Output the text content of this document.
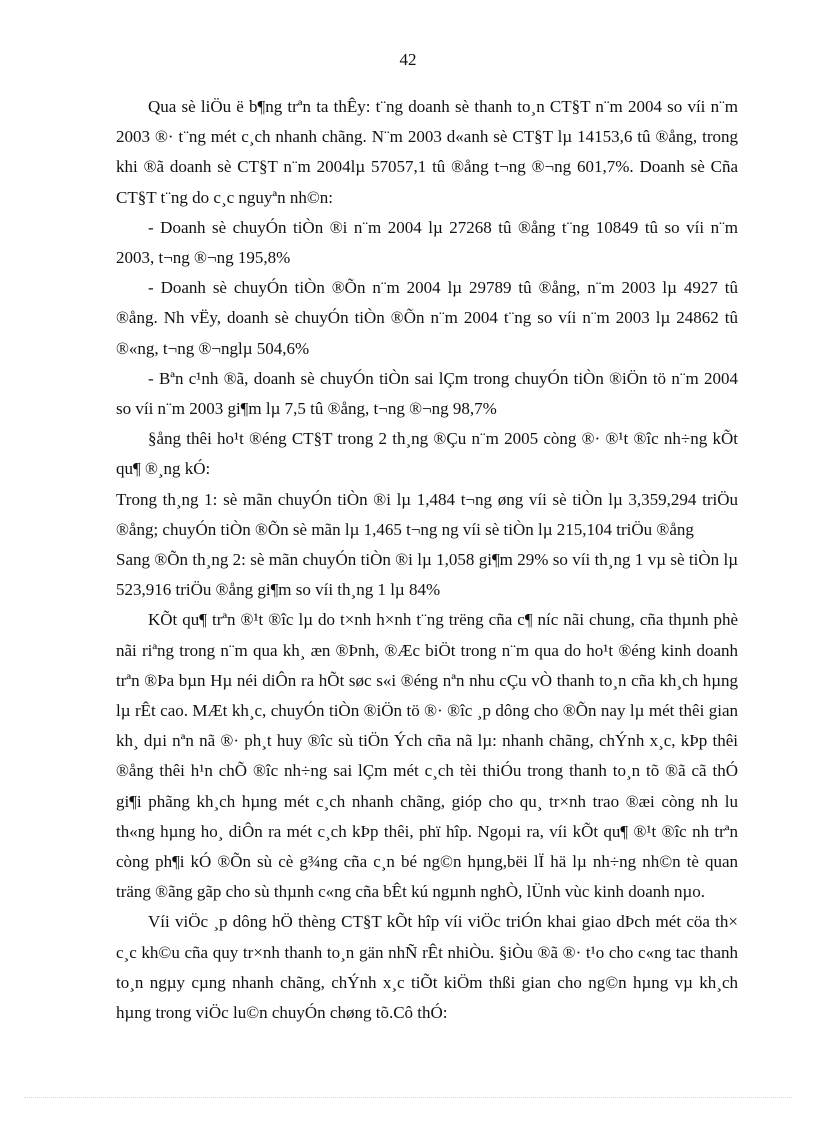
42

Qua sè liÖu ë b¶ng trªn ta thÊy: t¨ng doanh sè thanh to¸n CT§T n¨m 2004 so víi n¨m 2003 ®· t¨ng mét c¸ch nhanh chãng. N¨m 2003 d«anh sè CT§T lµ 14153,6 tû ®ång, trong khi ®ã doanh sè CT§T n¨m 2004lµ 57057,1 tû ®ång t¬ng ®¬ng 601,7%. Doanh sè Cña CT§T t¨ng do c¸c nguyªn nh©n:

- Doanh sè chuyÓn tiÒn ®i n¨m 2004 lµ 27268 tû ®ång t¨ng 10849 tû so víi n¨m 2003, t¬ng ®¬ng 195,8%

- Doanh sè chuyÓn tiÒn ®Õn n¨m 2004 lµ 29789 tû ®ång, n¨m 2003 lµ 4927 tû ®ång. Nh vËy, doanh sè chuyÓn tiÒn ®Õn n¨m 2004 t¨ng so víi n¨m 2003 lµ 24862 tû ®«ng, t¬ng ®¬nglµ 504,6%

- Bªn c¹nh ®ã, doanh sè chuyÓn tiÒn sai lÇm trong chuyÓn tiÒn ®iÖn tö n¨m 2004 so víi n¨m 2003 gi¶m lµ 7,5 tû ®ång, t¬ng ®¬ng 98,7%

§ång thêi ho¹t ®éng CT§T trong 2 th¸ng ®Çu n¨m 2005 còng ®· ®¹t ®îc nh÷ng kÕt qu¶ ®¸ng kÓ:

Trong th¸ng 1: sè mãn chuyÓn tiÒn ®i lµ 1,484 t¬ng øng víi sè tiÒn lµ 3,359,294 triÖu ®ång; chuyÓn tiÒn ®Õn sè mãn lµ 1,465 t¬ng ng víi sè tiÒn lµ 215,104 triÖu ®ång

Sang ®Õn th¸ng 2: sè mãn chuyÓn tiÒn ®i lµ 1,058 gi¶m 29% so víi th¸ng 1 vµ sè tiÒn lµ 523,916 triÖu ®ång gi¶m so víi th¸ng 1 lµ 84%

KÕt qu¶ trªn ®¹t ®îc lµ do t×nh h×nh t¨ng trëng cña c¶ níc nãi chung, cña thµnh phè nãi riªng trong n¨m qua kh¸ æn ®Þnh, ®Æc biÖt trong n¨m qua do ho¹t ®éng kinh doanh trªn ®Þa bµn Hµ néi diÔn ra hÕt søc s«i ®éng nªn nhu cÇu vÒ thanh to¸n cña kh¸ch hµng lµ rÊt cao. MÆt kh¸c, chuyÓn tiÒn ®iÖn tö ®· ®îc ¸p dông cho ®Õn nay lµ mét thêi gian kh¸ dµi nªn nã ®· ph¸t huy ®îc sù tiÖn Ých cña nã lµ: nhanh chãng, chÝnh x¸c, kÞp thêi ®ång thêi h¹n chÕ ®îc nh÷ng sai lÇm mét c¸ch tèi thiÓu trong thanh to¸n tõ ®ã cã thÓ gi¶i phãng kh¸ch hµng mét c¸ch nhanh chãng, gióp cho qu¸ tr×nh trao ®æi còng nh lu th«ng hµng ho¸ diÔn ra mét c¸ch kÞp thêi, phï hîp. Ngoµi ra, víi kÕt qu¶ ®¹t ®îc nh trªn còng ph¶i kÓ ®Õn sù cè g¾ng cña c¸n bé ng©n hµng,bëi lÏ hä lµ nh÷ng nh©n tè quan träng ®ãng gãp cho sù thµnh c«ng cña bÊt kú ngµnh nghÒ, lÜnh vùc kinh doanh nµo.

Víi viÖc ¸p dông hÖ thèng CT§T kÕt hîp víi viÖc triÓn khai giao dÞch mét cöa th× c¸c kh©u cña quy tr×nh thanh to¸n gän nhÑ rÊt nhiÒu. §iÒu ®ã ®· t¹o cho c«ng tac thanh to¸n ngµy cµng nhanh chãng, chÝnh x¸c tiÕt kiÖm thßi gian cho ng©n hµng vµ kh¸ch hµng trong viÖc lu©n chuyÓn chøng tõ.Cô thÓ:
